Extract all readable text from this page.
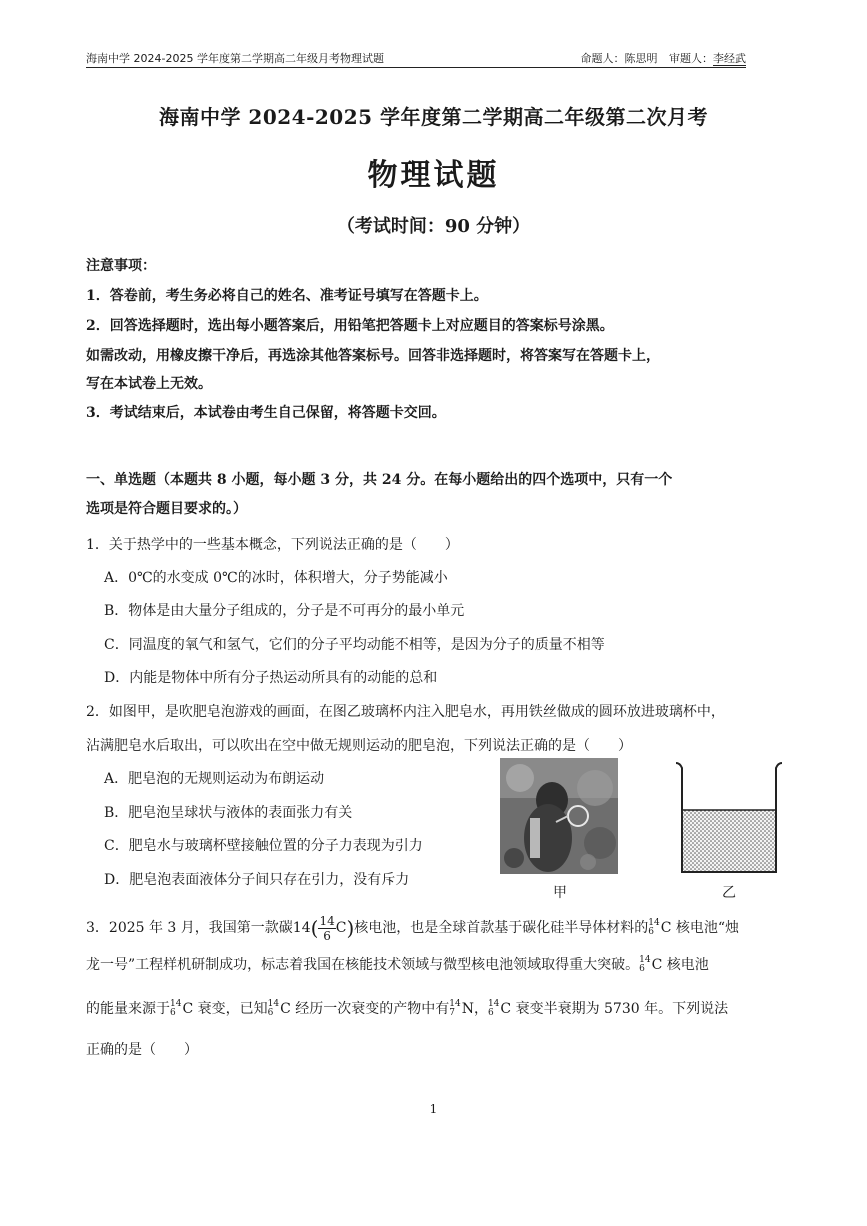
海南中学 2024-2025 学年度第二学期高二年级月考物理试题	命题人：陈思明 审题人：李经武
海南中学 2024-2025 学年度第二学期高二年级第二次月考
物理试题
（考试时间：90 分钟）
注意事项：
1．答卷前，考生务必将自己的姓名、准考证号填写在答题卡上。
2．回答选择题时，选出每小题答案后，用铅笔把答题卡上对应题目的答案标号涂黑。
如需改动，用橡皮擦干净后，再选涂其他答案标号。回答非选择题时，将答案写在答题卡上，
写在本试卷上无效。
3．考试结束后，本试卷由考生自己保留，将答题卡交回。
一、单选题（本题共 8 小题，每小题 3 分，共 24 分。在每小题给出的四个选项中，只有一个
选项是符合题目要求的。）
1．关于热学中的一些基本概念，下列说法正确的是（　　）
A．0℃的水变成 0℃的冰时，体积增大，分子势能减小
B．物体是由大量分子组成的，分子是不可再分的最小单元
C．同温度的氧气和氢气，它们的分子平均动能不相等，是因为分子的质量不相等
D．内能是物体中所有分子热运动所具有的动能的总和
2．如图甲，是吹肥皂泡游戏的画面，在图乙玻璃杯内注入肥皂水，再用铁丝做成的圆环放进玻璃杯中，
沾满肥皂水后取出，可以吹出在空中做无规则运动的肥皂泡，下列说法正确的是（　　）
A．肥皂泡的无规则运动为布朗运动
B．肥皂泡呈球状与液体的表面张力有关
C．肥皂水与玻璃杯壁接触位置的分子力表现为引力
D．肥皂泡表面液体分子间只存在引力，没有斥力
甲	乙
3．2025 年 3 月，我国第一款碳$14( \frac{14}{6} C)$核电池，也是全球首款基于碳化硅半导体材料的 14
6 C 核电池“烛
龙一号”工程样机研制成功，标志着我国在核能技术领域与微型核电池领域取得重大突破。 14
6 C 核电池
的能量来源于 14
6 C 衰变，已知 14
6 C 经历一次衰变的产物中有 14
7 N， 14
6 C 衰变半衰期为 5730 年。下列说法
正确的是（　　）
1
